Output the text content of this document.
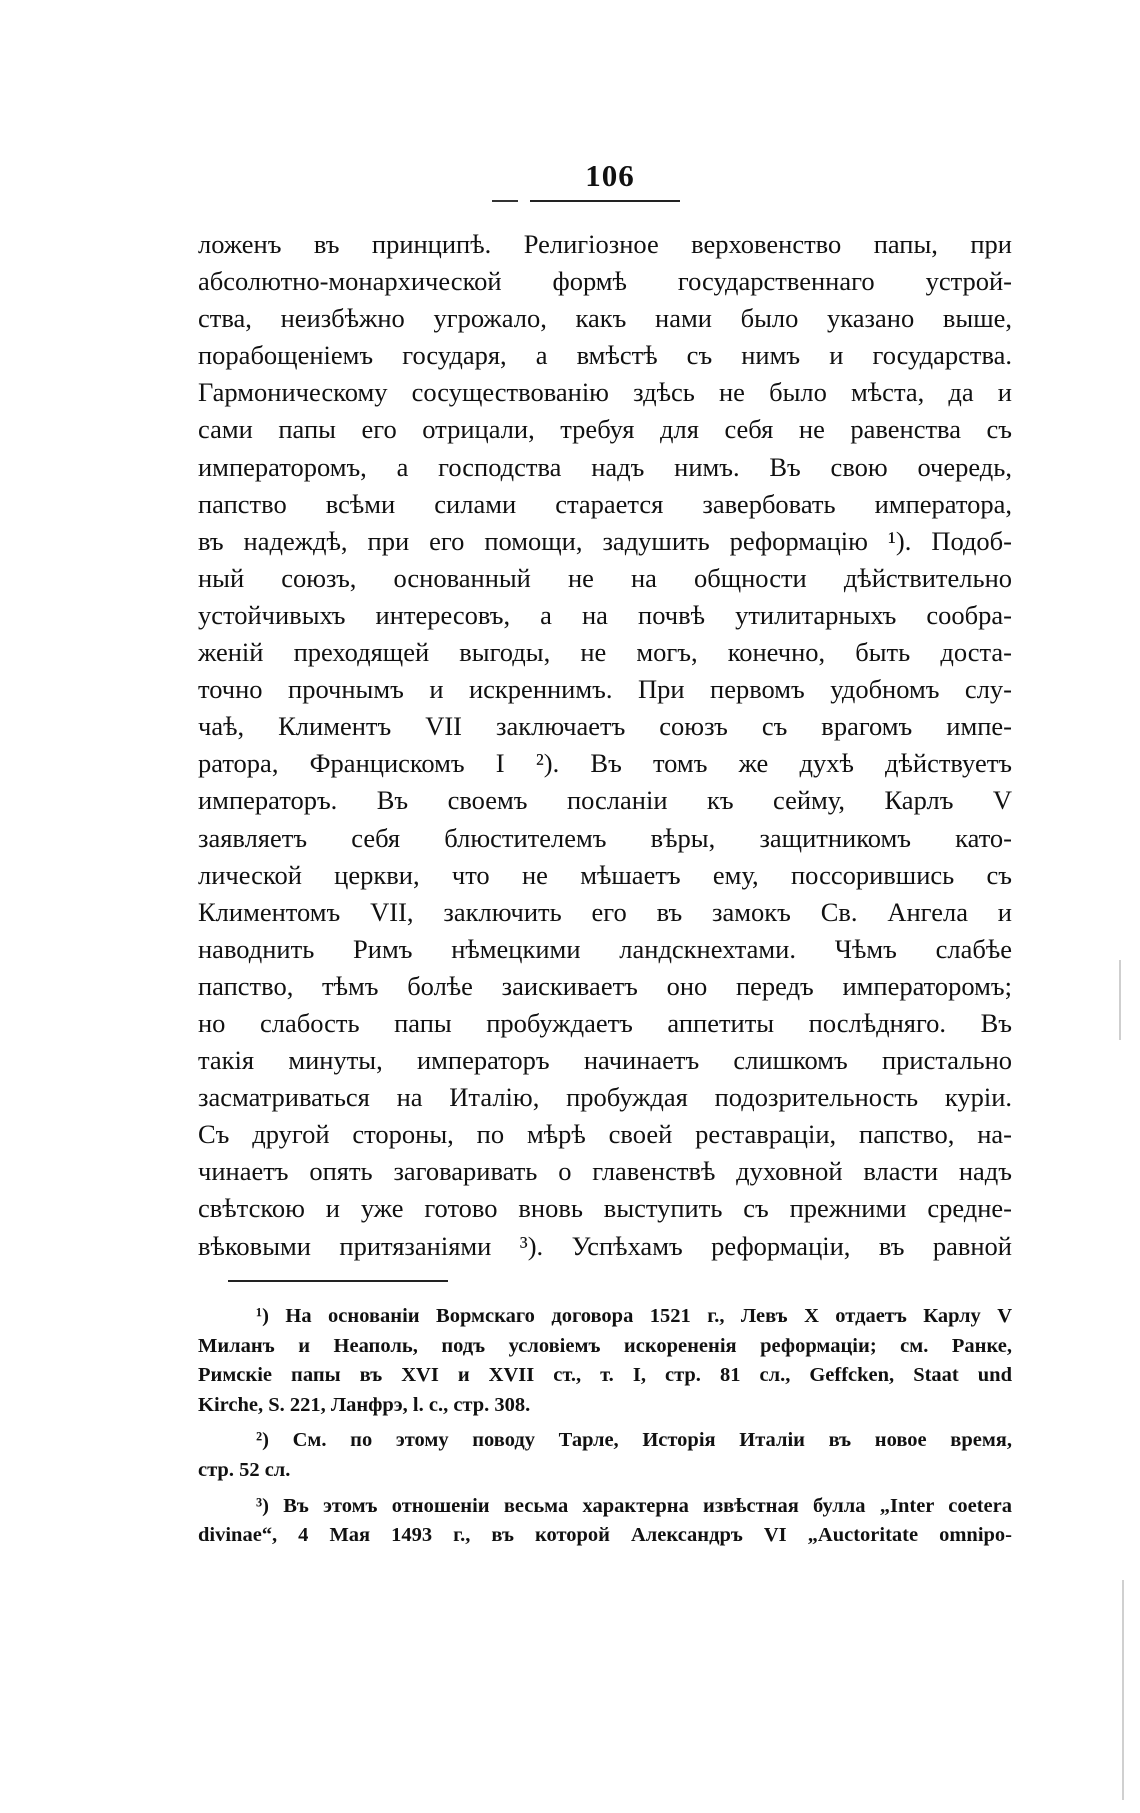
106
ложенъ въ принципѣ. Религіозное верховенство папы, при
абсолютно-монархической формѣ государственнаго устрой-
ства, неизбѣжно угрожало, какъ нами было указано выше,
порабощеніемъ государя, а вмѣстѣ съ нимъ и государства.
Гармоническому сосуществованію здѣсь не было мѣста, да и
сами папы его отрицали, требуя для себя не равенства съ
императоромъ, а господства надъ нимъ. Въ свою очередь,
папство всѣми силами старается завербовать императора,
въ надеждѣ, при его помощи, задушить реформацію ¹). Подоб-
ный союзъ, основанный не на общности дѣйствительно
устойчивыхъ интересовъ, а на почвѣ утилитарныхъ сообра-
женій преходящей выгоды, не могъ, конечно, быть доста-
точно прочнымъ и искреннимъ. При первомъ удобномъ слу-
чаѣ, Климентъ VII заключаетъ союзъ съ врагомъ импе-
ратора, Францискомъ I ²). Въ томъ же духѣ дѣйствуетъ
императоръ. Въ своемъ посланіи къ сейму, Карлъ V
заявляетъ себя блюстителемъ вѣры, защитникомъ като-
лической церкви, что не мѣшаетъ ему, поссорившись съ
Климентомъ VII, заключить его въ замокъ Св. Ангела и
наводнить Римъ нѣмецкими ландскнехтами. Чѣмъ слабѣе
папство, тѣмъ болѣе заискиваетъ оно передъ императоромъ;
но слабость папы пробуждаетъ аппетиты послѣдняго. Въ
такія минуты, императоръ начинаетъ слишкомъ пристально
засматриваться на Италію, пробуждая подозрительность куріи.
Съ другой стороны, по мѣрѣ своей реставраціи, папство, на-
чинаетъ опять заговаривать о главенствѣ духовной власти надъ
свѣтскою и уже готово вновь выступить съ прежними средне-
вѣковыми притязаніями ³). Успѣхамъ реформаціи, въ равной
¹) На основаніи Вормскаго договора 1521 г., Левъ X отдаетъ Карлу V
Миланъ и Неаполь, подъ условіемъ искорененія реформаціи; см. Ранке,
Римскіе папы въ XVI и XVII ст., т. I, стр. 81 сл., Geffcken, Staat und
Kirche, S. 221, Ланфрэ, l. c., стр. 308.
²) См. по этому поводу Тарле, Исторія Италіи въ новое время,
стр. 52 сл.
³) Въ этомъ отношеніи весьма характерна извѣстная булла „Inter coetera
divinae“, 4 Мая 1493 г., въ которой Александръ VI „Auctoritate omnipo-
